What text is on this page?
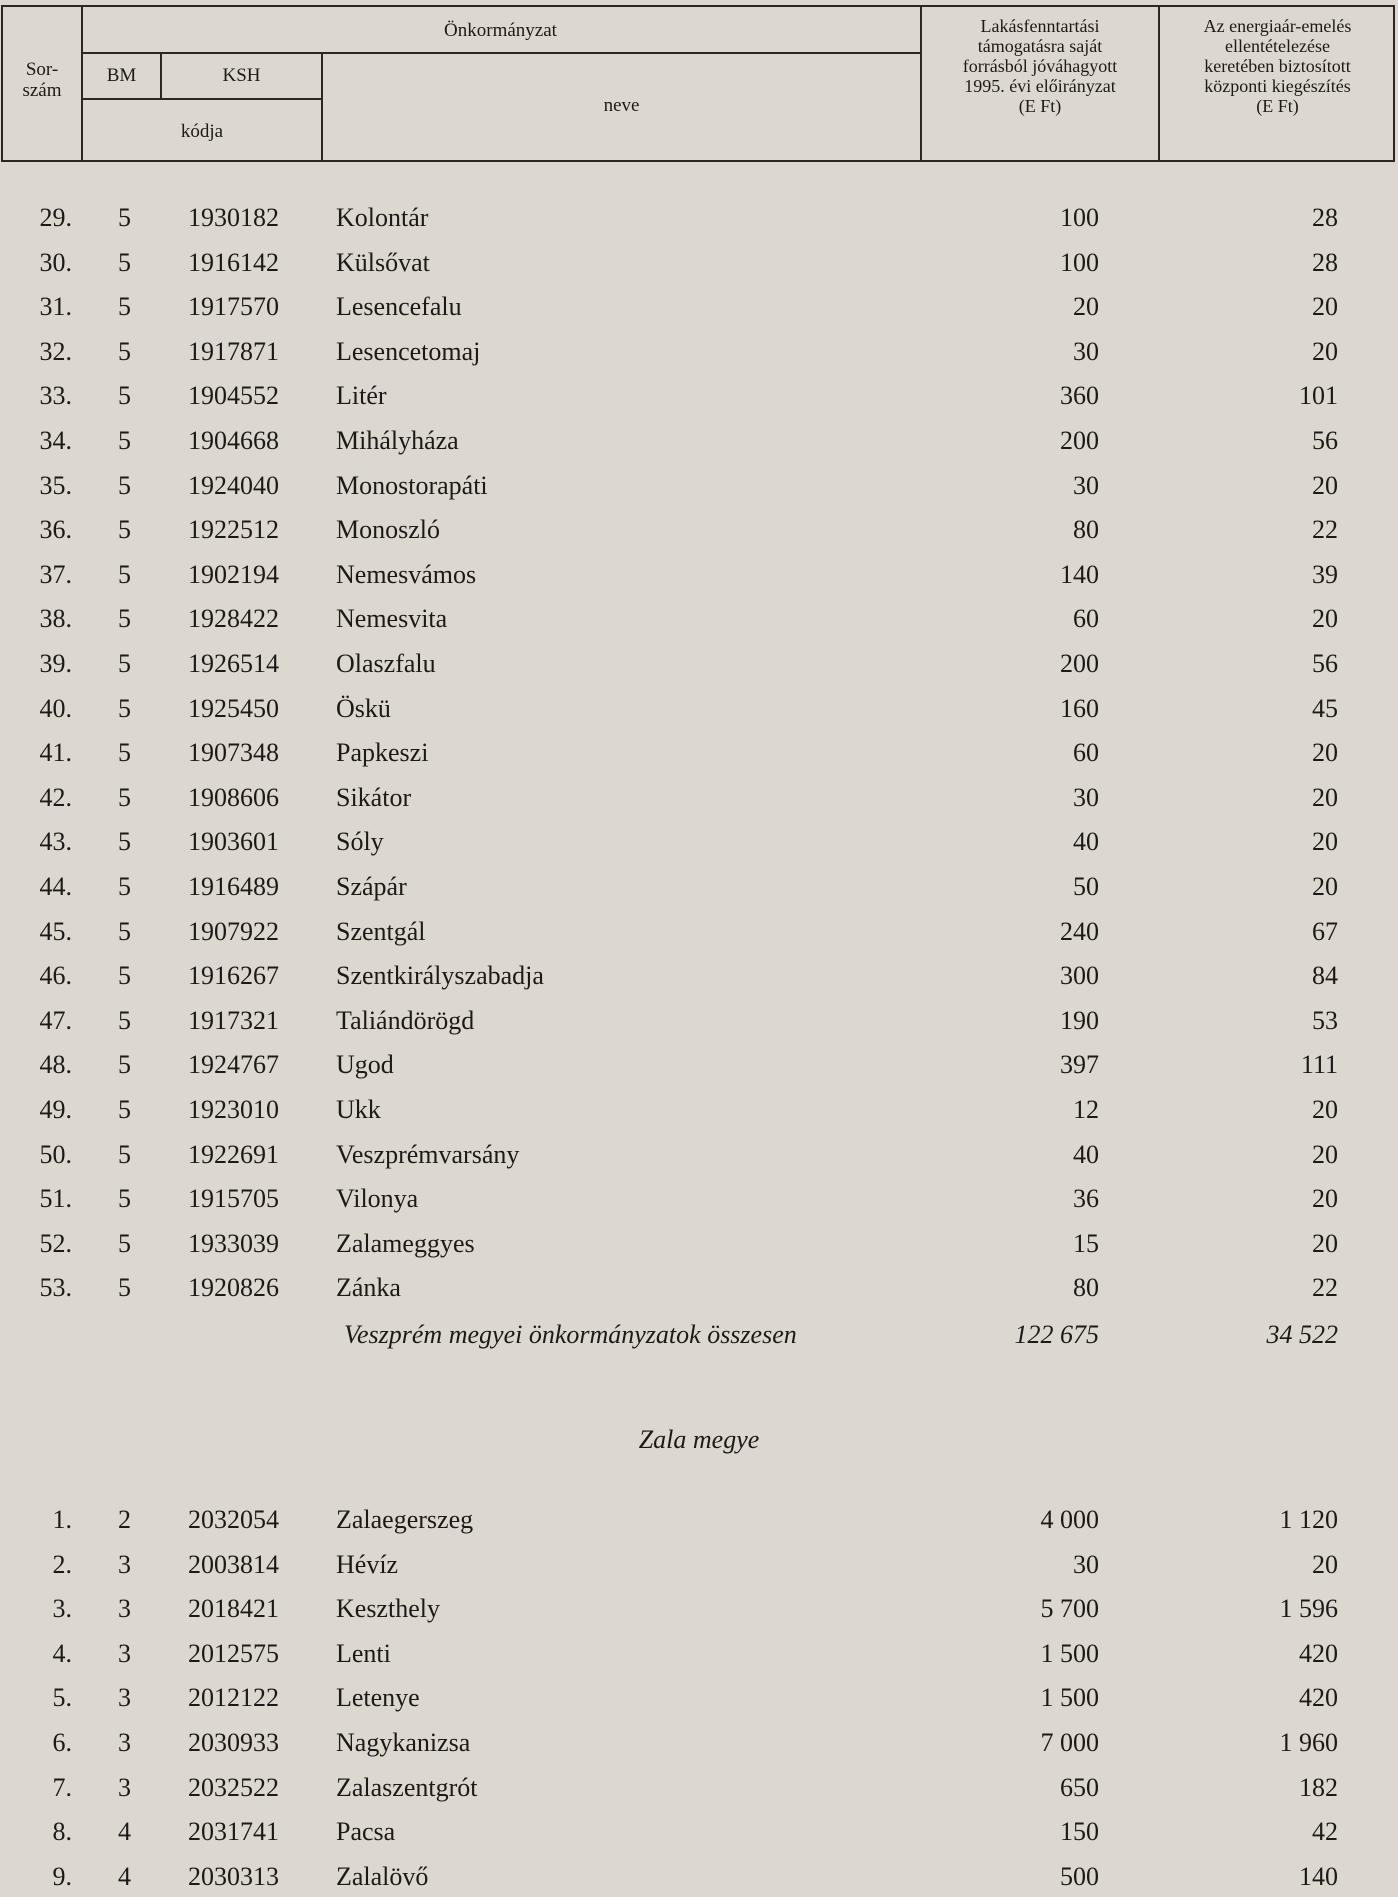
Sor-
szám
Önkormányzat
BM	KSH
kódja
neve
Lakásfenntartási
támogatásra saját
forrásból jóváhagyott
1995. évi előirányzat
(E Ft)
Az energiaár-emelés
ellentételezése
keretében biztosított
központi kiegészítés
(E Ft)
29. 5 1930182 Kolontár	100	28
30. 5 1916142 Külsővat	100	28
31. 5 1917570 Lesencefalu	20	20
32. 5 1917871 Lesencetomaj	30	20
33. 5 1904552 Litér	360	101
34. 5 1904668 Mihályháza	200	56
35. 5 1924040 Monostorapáti	30	20
36. 5 1922512 Monoszló	80	22
37. 5 1902194 Nemesvámos	140	39
38. 5 1928422 Nemesvita	60	20
39. 5 1926514 Olaszfalu	200	56
40. 5 1925450 Öskü	160	45
41. 5 1907348 Papkeszi	60	20
42. 5 1908606 Sikátor	30	20
43. 5 1903601 Sóly	40	20
44. 5 1916489 Szápár	50	20
45. 5 1907922 Szentgál	240	67
46. 5 1916267 Szentkirályszabadja	300	84
47. 5 1917321 Taliándörögd	190	53
48. 5 1924767 Ugod	397	111
49. 5 1923010 Ukk	12	20
50. 5 1922691 Veszprémvarsány	40	20
51. 5 1915705 Vilonya	36	20
52. 5 1933039 Zalameggyes	15	20
53. 5 1920826 Zánka	80	22
Veszprém megyei önkormányzatok összesen	122 675	34 522
Zala megye
1. 2 2032054 Zalaegerszeg	4 000	1 120
2. 3 2003814 Hévíz	30	20
3. 3 2018421 Keszthely	5 700	1 596
4. 3 2012575 Lenti	1 500	420
5. 3 2012122 Letenye	1 500	420
6. 3 2030933 Nagykanizsa	7 000	1 960
7. 3 2032522 Zalaszentgrót	650	182
8. 4 2031741 Pacsa	150	42
9. 4 2030313 Zalalövő	500	140
